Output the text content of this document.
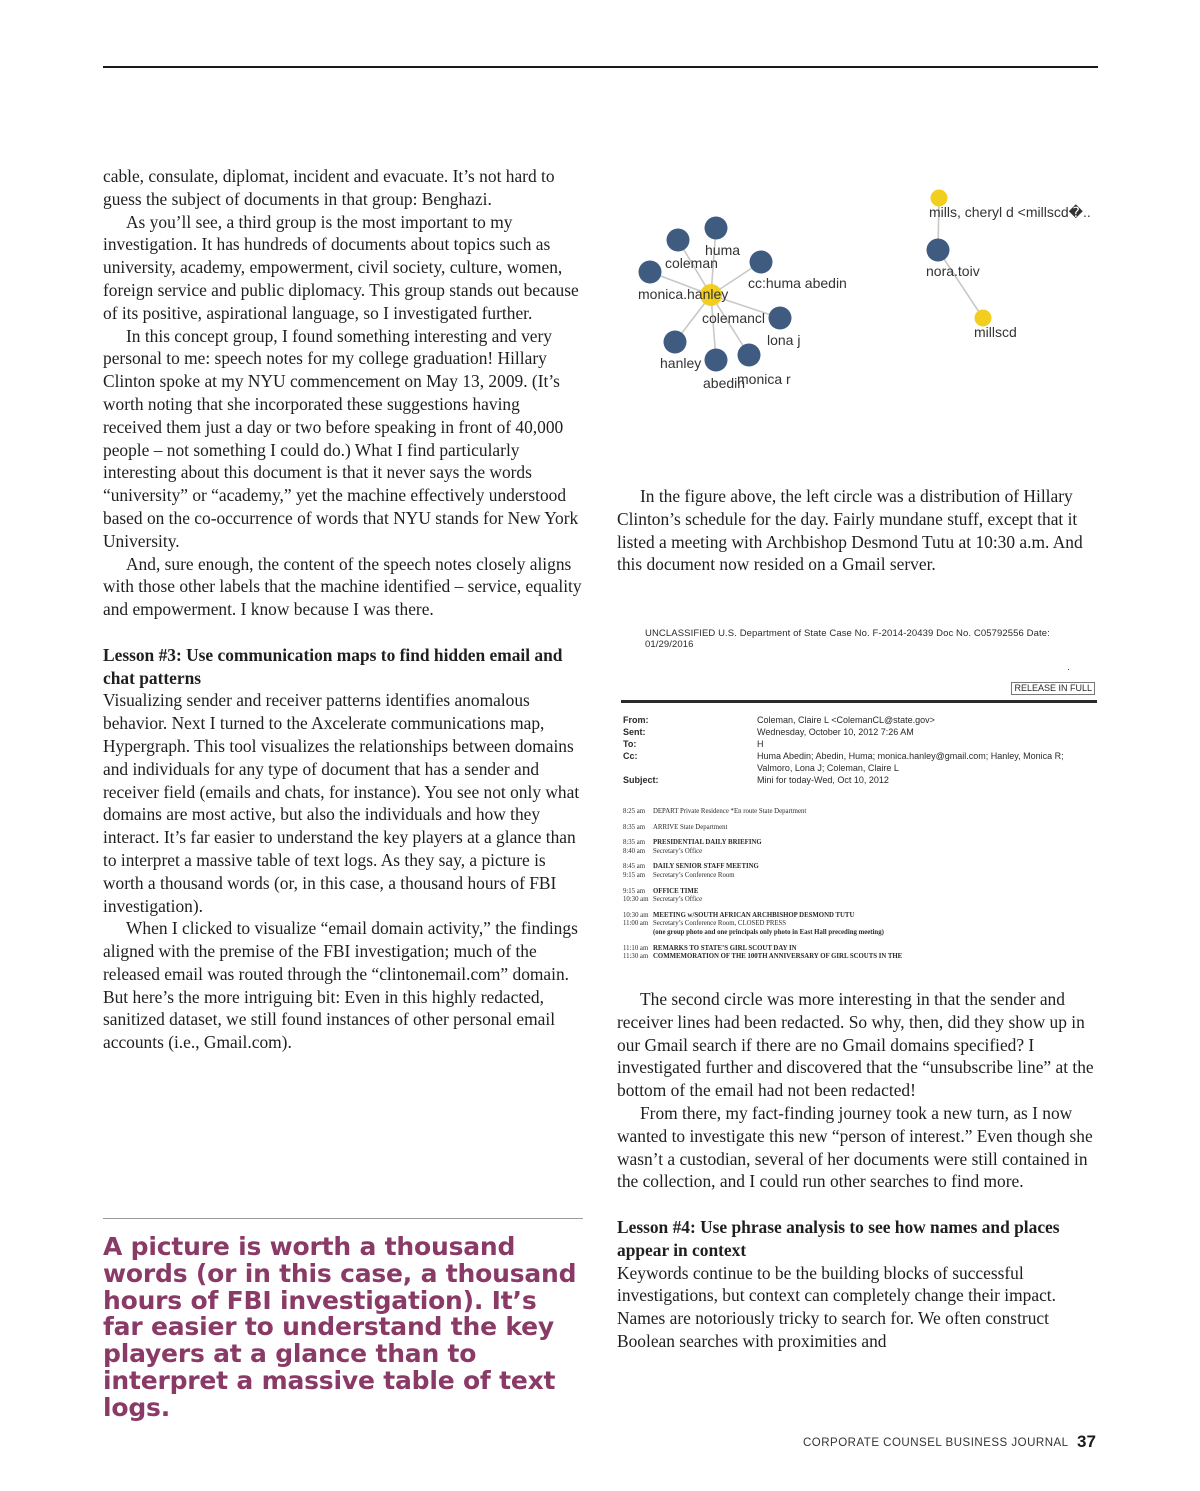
cable, consulate, diplomat, incident and evacuate. It’s not hard to guess the subject of documents in that group: Benghazi.

As you’ll see, a third group is the most important to my investigation. It has hundreds of documents about topics such as university, academy, empowerment, civil society, culture, women, foreign service and public diplomacy. This group stands out because of its positive, aspirational language, so I investigated further.

In this concept group, I found something interesting and very personal to me: speech notes for my college graduation! Hillary Clinton spoke at my NYU commencement on May 13, 2009. (It’s worth noting that she incorporated these suggestions having received them just a day or two before speaking in front of 40,000 people – not something I could do.) What I find particularly interesting about this document is that it never says the words “university” or “academy,” yet the machine effectively understood based on the co-occurrence of words that NYU stands for New York University.

And, sure enough, the content of the speech notes closely aligns with those other labels that the machine identified – service, equality and empowerment. I know because I was there.

Lesson #3: Use communication maps to find hidden email and chat patterns

Visualizing sender and receiver patterns identifies anomalous behavior. Next I turned to the Axcelerate communications map, Hypergraph. This tool visualizes the relationships between domains and individuals for any type of document that has a sender and receiver field (emails and chats, for instance). You see not only what domains are most active, but also the individuals and how they interact. It’s far easier to understand the key players at a glance than to interpret a massive table of text logs. As they say, a picture is worth a thousand words (or, in this case, a thousand hours of FBI investigation).

When I clicked to visualize “email domain activity,” the findings aligned with the premise of the FBI investigation; much of the released email was routed through the “clintonemail.com” domain. But here’s the more intriguing bit: Even in this highly redacted, sanitized dataset, we still found instances of other personal email accounts (i.e., Gmail.com).

A picture is worth a thousand words (or in this case, a thousand hours of FBI investigation). It’s far easier to understand the key players at a glance than to interpret a massive table of text logs.

huma
coleman
cc:huma abedin
monica.hanley
colemancl
lona j
hanley
abedin
monica r
mills, cheryl d <millscd�..
nora.toiv
millscd

In the figure above, the left circle was a distribution of Hillary Clinton’s schedule for the day. Fairly mundane stuff, except that it listed a meeting with Archbishop Desmond Tutu at 10:30 a.m. And this document now resided on a Gmail server.

UNCLASSIFIED U.S. Department of State Case No. F-2014-20439 Doc No. C05792556 Date: 01/29/2016
·
RELEASE IN FULL
From:	Coleman, Claire L <ColemanCL@state.gov>
Sent:	Wednesday, October 10, 2012 7:26 AM
To:	H
Cc:	Huma Abedin; Abedin, Huma; monica.hanley@gmail.com; Hanley, Monica R; Valmoro, Lona J; Coleman, Claire L
Subject:	Mini for today-Wed, Oct 10, 2012
8:25 am	DEPART Private Residence *En route State Department
8:35 am	ARRIVE State Department
8:35 am	PRESIDENTIAL DAILY BRIEFING
8:40 am	Secretary’s Office
8:45 am	DAILY SENIOR STAFF MEETING
9:15 am	Secretary’s Conference Room
9:15 am	OFFICE TIME
10:30 am Secretary’s Office
10:30 am MEETING w/SOUTH AFRICAN ARCHBISHOP DESMOND TUTU
11:00 am Secretary’s Conference Room, CLOSED PRESS
(one group photo and one principals only photo in East Hall preceding meeting)
11:10 am REMARKS TO STATE’S GIRL SCOUT DAY IN
11:30 am COMMEMORATION OF THE 100TH ANNIVERSARY OF GIRL SCOUTS IN THE

The second circle was more interesting in that the sender and receiver lines had been redacted. So why, then, did they show up in our Gmail search if there are no Gmail domains specified? I investigated further and discovered that the “unsubscribe line” at the bottom of the email had not been redacted!

From there, my fact-finding journey took a new turn, as I now wanted to investigate this new “person of interest.” Even though she wasn’t a custodian, several of her documents were still contained in the collection, and I could run other searches to find more.

Lesson #4: Use phrase analysis to see how names and places appear in context

Keywords continue to be the building blocks of successful investigations, but context can completely change their impact. Names are notoriously tricky to search for. We often construct Boolean searches with proximities and

CORPORATE COUNSEL BUSINESS JOURNAL 37
